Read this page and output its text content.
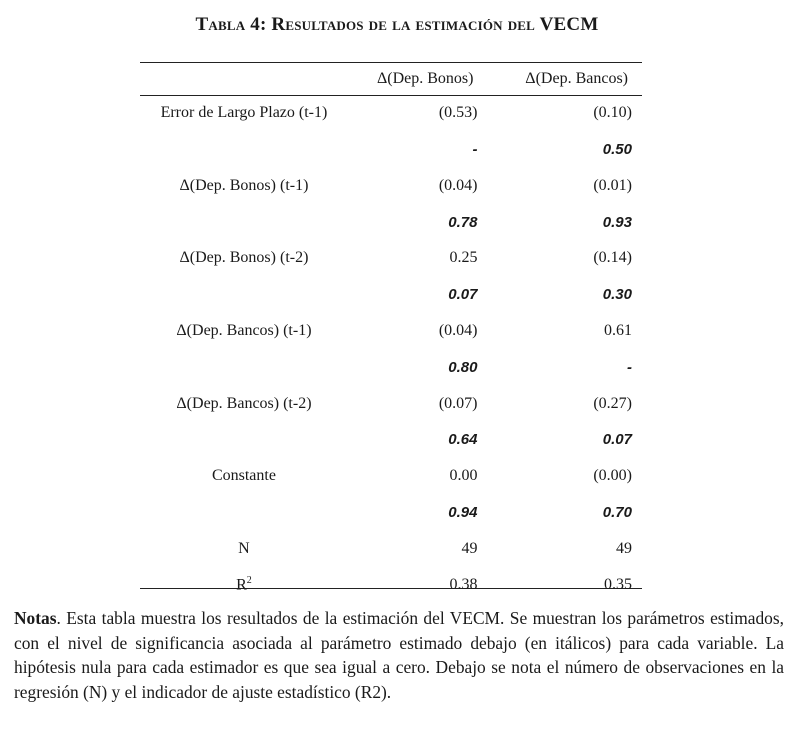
Tabla 4: Resultados de la estimación del VECM
	Δ(Dep. Bonos)	Δ(Dep. Bancos)
Error de Largo Plazo (t-1)	(0.53)	(0.10)
	-	0.50
Δ(Dep. Bonos) (t-1)	(0.04)	(0.01)
	0.78	0.93
Δ(Dep. Bonos) (t-2)	0.25	(0.14)
	0.07	0.30
Δ(Dep. Bancos) (t-1)	(0.04)	0.61
	0.80	-
Δ(Dep. Bancos) (t-2)	(0.07)	(0.27)
	0.64	0.07
Constante	0.00	(0.00)
	0.94	0.70
N	49	49
$R^2$	0.38	0.35
Notas. Esta tabla muestra los resultados de la estimación del VECM. Se muestran los parámetros estimados, con el nivel de significancia asociada al parámetro estimado debajo (en itálicos) para cada variable. La hipótesis nula para cada estimador es que sea igual a cero. Debajo se nota el número de observaciones en la regresión (N) y el indicador de ajuste estadístico (R2).
